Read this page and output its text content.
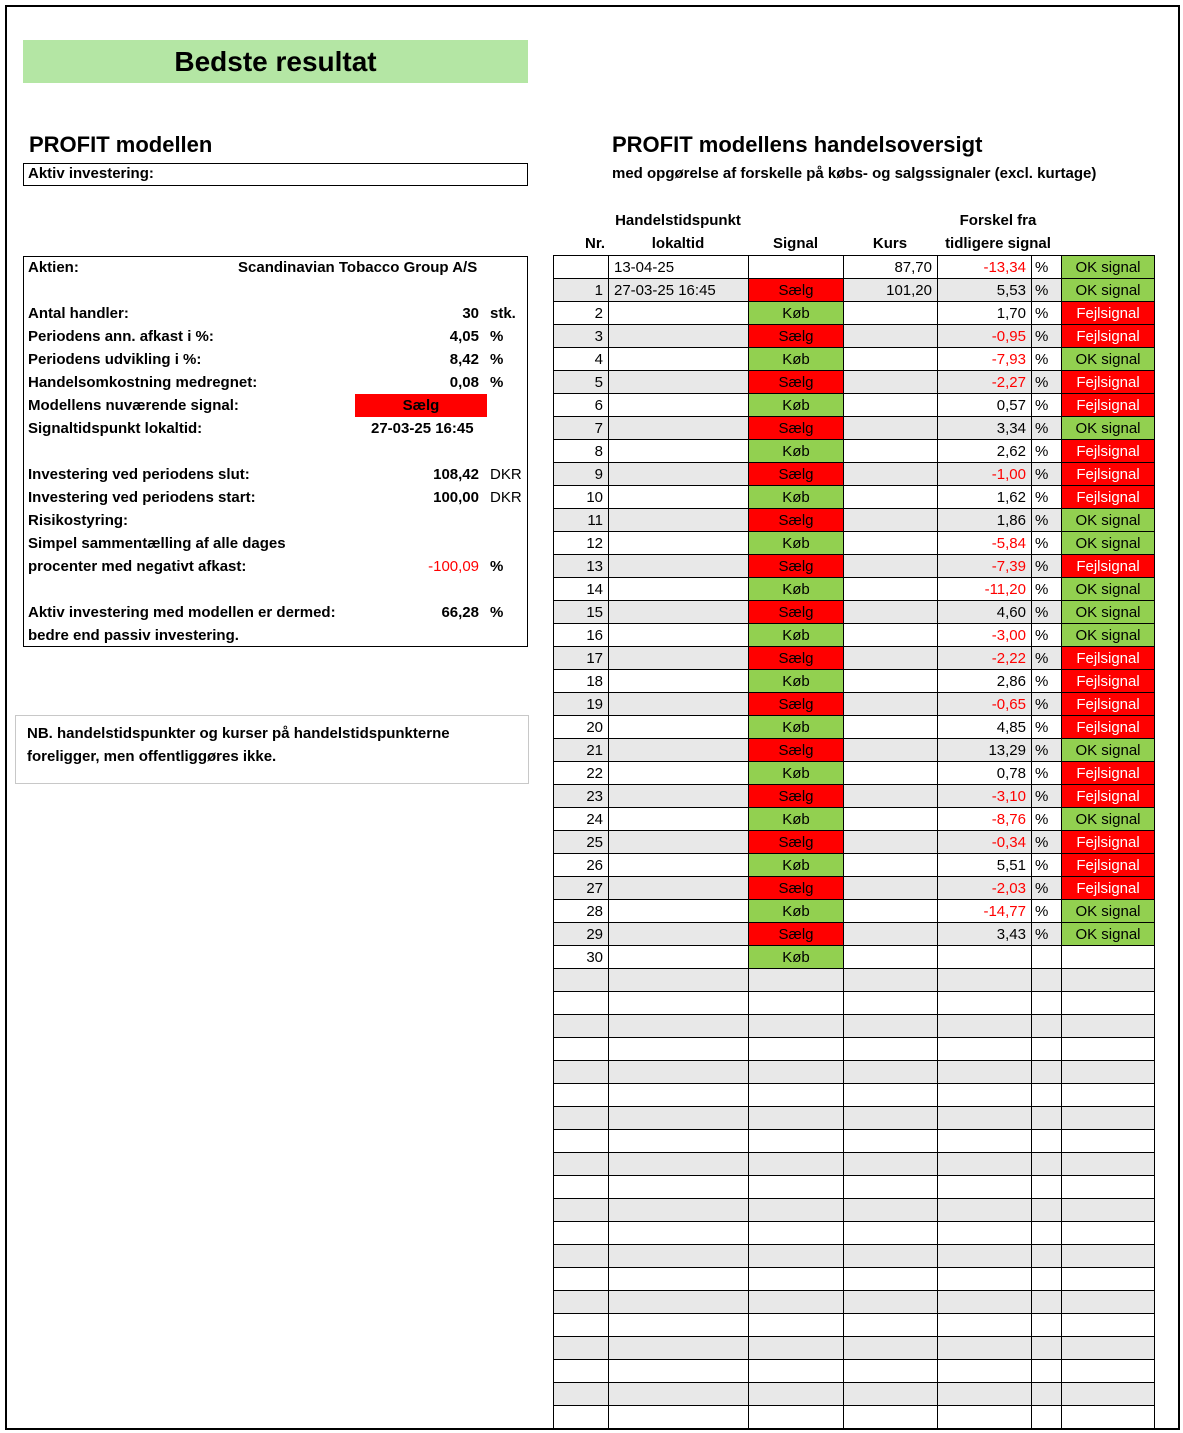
Bedste resultat
PROFIT modellen
Aktiv investering:
Aktien:	Scandinavian Tobacco Group A/S
Antal handler:	30 stk.
Periodens ann. afkast i %:	4,05 %
Periodens udvikling i %:	8,42 %
Handelsomkostning medregnet:	0,08 %
Modellens nuværende signal:	Sælg
Signaltidspunkt lokaltid:	27-03-25 16:45
Investering ved periodens slut:	108,42 DKR
Investering ved periodens start:	100,00 DKR
Risikostyring:
Simpel sammentælling af alle dages
procenter med negativt afkast:	-100,09 %
Aktiv investering med modellen er dermed:	66,28 %
bedre end passiv investering.
NB. handelstidspunkter og kurser på handelstidspunkterne foreligger, men offentliggøres ikke.
PROFIT modellens handelsoversigt
med opgørelse af forskelle på købs- og salgssignaler (excl. kurtage)
Nr.
Handelstidspunkt
lokaltid	Signal	Kurs
Forskel fra
tidligere signal
	13-04-25		87,70	-13,34	%	OK signal
1	27-03-25 16:45	Sælg	101,20	5,53	%	OK signal
2		Køb		1,70	%	Fejlsignal
3		Sælg		-0,95	%	Fejlsignal
4		Køb		-7,93	%	OK signal
5		Sælg		-2,27	%	Fejlsignal
6		Køb		0,57	%	Fejlsignal
7		Sælg		3,34	%	OK signal
8		Køb		2,62	%	Fejlsignal
9		Sælg		-1,00	%	Fejlsignal
10		Køb		1,62	%	Fejlsignal
11		Sælg		1,86	%	OK signal
12		Køb		-5,84	%	OK signal
13		Sælg		-7,39	%	Fejlsignal
14		Køb		-11,20	%	OK signal
15		Sælg		4,60	%	OK signal
16		Køb		-3,00	%	OK signal
17		Sælg		-2,22	%	Fejlsignal
18		Køb		2,86	%	Fejlsignal
19		Sælg		-0,65	%	Fejlsignal
20		Køb		4,85	%	Fejlsignal
21		Sælg		13,29	%	OK signal
22		Køb		0,78	%	Fejlsignal
23		Sælg		-3,10	%	Fejlsignal
24		Køb		-8,76	%	OK signal
25		Sælg		-0,34	%	Fejlsignal
26		Køb		5,51	%	Fejlsignal
27		Sælg		-2,03	%	Fejlsignal
28		Køb		-14,77	%	OK signal
29		Sælg		3,43	%	OK signal
30		Køb				
